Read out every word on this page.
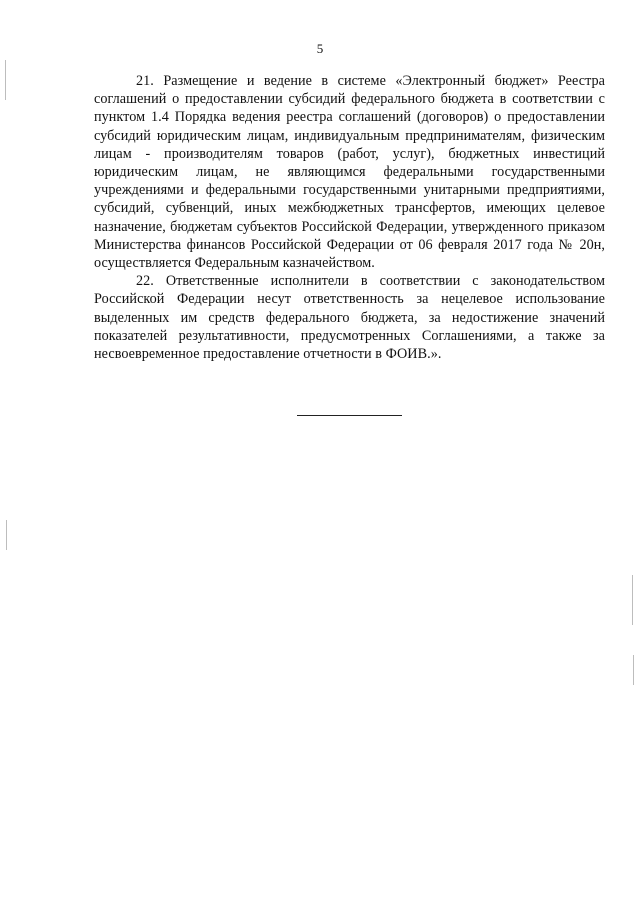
5

21. Размещение и ведение в системе «Электронный бюджет» Реестра соглашений о предоставлении субсидий федерального бюджета в соответствии с пунктом 1.4 Порядка ведения реестра соглашений (договоров) о предоставлении субсидий юридическим лицам, индивидуальным предпринимателям, физическим лицам - производителям товаров (работ, услуг), бюджетных инвестиций юридическим лицам, не являющимся федеральными государственными учреждениями и федеральными государственными унитарными предприятиями, субсидий, субвенций, иных межбюджетных трансфертов, имеющих целевое назначение, бюджетам субъектов Российской Федерации, утвержденного приказом Министерства финансов Российской Федерации от 06 февраля 2017 года № 20н, осуществляется Федеральным казначейством.

22. Ответственные исполнители в соответствии с законодательством Российской Федерации несут ответственность за нецелевое использование выделенных им средств федерального бюджета, за недостижение значений показателей результативности, предусмотренных Соглашениями, а также за несвоевременное предоставление отчетности в ФОИВ.».
